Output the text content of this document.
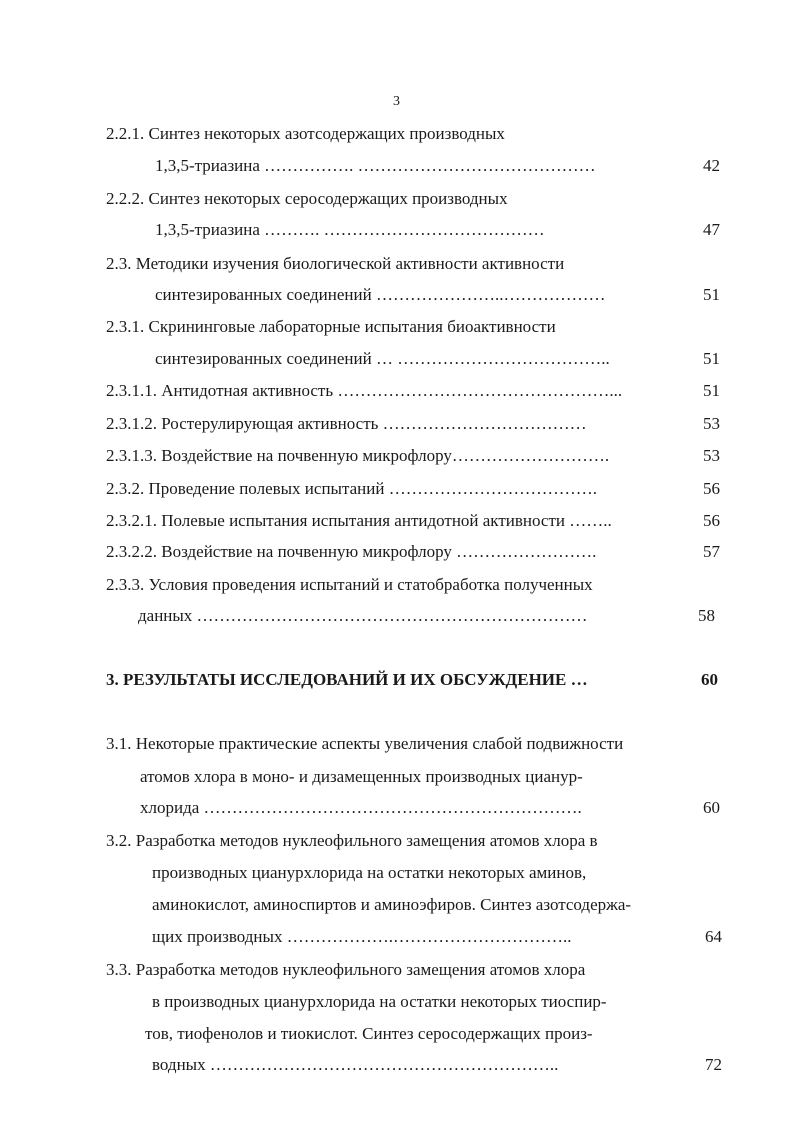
3
2.2.1. Синтез некоторых азотсодержащих производных
1,3,5-триазина ……………. ……………………………………	42
2.2.2. Синтез некоторых серосодержащих производных
1,3,5-триазина ………. …………………………………	47
2.3. Методики изучения биологической активности активности
синтезированных соединений …………………..………………	51
2.3.1. Скрининговые лабораторные испытания биоактивности
синтезированных соединений … ………………………………..	51
2.3.1.1. Антидотная активность …………………………………………...	51
2.3.1.2. Ростерулирующая активность ………………………………	53
2.3.1.3. Воздействие на почвенную микрофлору……………………….	53
2.3.2. Проведение полевых испытаний ……………………………….	56
2.3.2.1. Полевые испытания испытания антидотной активности ……..	56
2.3.2.2. Воздействие на почвенную микрофлору …………………….	57
2.3.3. Условия проведения испытаний и статобработка полученных
данных ……………………………………………………………	58
3. РЕЗУЛЬТАТЫ ИССЛЕДОВАНИЙ И ИХ ОБСУЖДЕНИЕ …	60
3.1. Некоторые практические аспекты увеличения слабой подвижности
атомов хлора в моно- и дизамещенных производных циануp-
хлорида ………………………………………………………….	60
3.2. Разработка методов нуклеофильного замещения атомов хлора в
производных цианурхлорида на остатки некоторых аминов,
аминокислот, аминоспиртов и аминоэфиров. Синтез азотсодержа-
щих производных ……………….…………………………..	64
3.3. Разработка методов нуклеофильного замещения атомов хлора
в производных цианурхлорида на остатки некоторых тиоспир-
тов, тиофенолов и тиокислот. Синтез серосодержащих произ-
водных ……………………………………………………..	72
